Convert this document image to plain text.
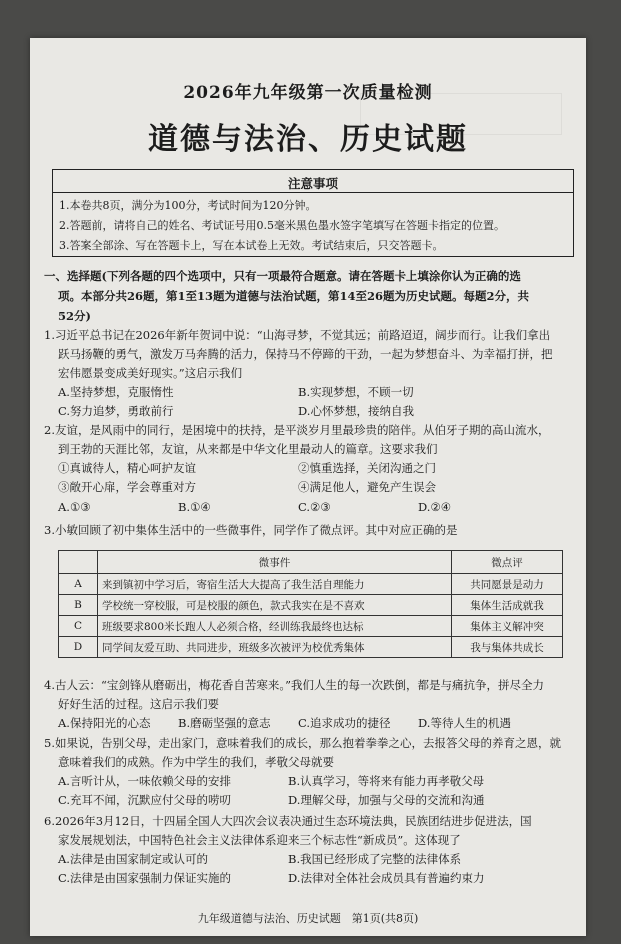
2026年九年级第一次质量检测
道德与法治、历史试题
注意事项
1.本卷共8页，满分为100分，考试时间为120分钟。
2.答题前，请将自己的姓名、考试证号用0.5毫米黑色墨水签字笔填写在答题卡指定的位置。
3.答案全部涂、写在答题卡上，写在本试卷上无效。考试结束后，只交答题卡。
一、选择题(下列各题的四个选项中，只有一项最符合题意。请在答题卡上填涂你认为正确的选
项。本部分共26题，第1至13题为道德与法治试题，第14至26题为历史试题。每题2分，共
52分)
1.习近平总书记在2026年新年贺词中说：“山海寻梦，不觉其远；前路迢迢，阔步而行。让我们拿出
跃马扬鞭的勇气，激发万马奔腾的活力，保持马不停蹄的干劲，一起为梦想奋斗、为幸福打拼，把
宏伟愿景变成美好现实。”这启示我们
A.坚持梦想，克服惰性	B.实现梦想，不顾一切
C.努力追梦，勇敢前行	D.心怀梦想，接纳自我
2.友谊，是风雨中的同行，是困境中的扶持，是平淡岁月里最珍贵的陪伴。从伯牙子期的高山流水，
到王勃的天涯比邻，友谊，从来都是中华文化里最动人的篇章。这要求我们
①真诚待人，精心呵护友谊	②慎重选择，关闭沟通之门
③敞开心扉，学会尊重对方	④满足他人，避免产生误会
A.①③	B.①④	C.②③	D.②④
3.小敏回顾了初中集体生活中的一些微事件，同学作了微点评。其中对应正确的是
	微事件	微点评
A	来到镇初中学习后，寄宿生活大大提高了我生活自理能力	共同愿景是动力
B	学校统一穿校服，可是校服的颜色，款式我实在是不喜欢	集体生活成就我
C	班级要求800米长跑人人必须合格，经训练我最终也达标	集体主义解冲突
D	同学间友爱互助、共同进步，班级多次被评为校优秀集体	我与集体共成长
4.古人云：“宝剑锋从磨砺出，梅花香自苦寒来。”我们人生的每一次跌倒，都是与痛抗争，拼尽全力
好好生活的过程。这启示我们要
A.保持阳光的心态 B.磨砺坚强的意志 C.追求成功的捷径 D.等待人生的机遇
5.如果说，告别父母，走出家门，意味着我们的成长，那么抱着拳拳之心，去报答父母的养育之恩，就
意味着我们的成熟。作为中学生的我们，孝敬父母就要
A.言听计从，一味依赖父母的安排	B.认真学习，等将来有能力再孝敬父母
C.充耳不闻，沉默应付父母的唠叨	D.理解父母，加强与父母的交流和沟通
6.2026年3月12日，十四届全国人大四次会议表决通过生态环境法典，民族团结进步促进法，国
家发展规划法，中国特色社会主义法律体系迎来三个标志性“新成员”。这体现了
A.法律是由国家制定或认可的	B.我国已经形成了完整的法律体系
C.法律是由国家强制力保证实施的	D.法律对全体社会成员具有普遍约束力
九年级道德与法治、历史试题　第1页(共8页)
